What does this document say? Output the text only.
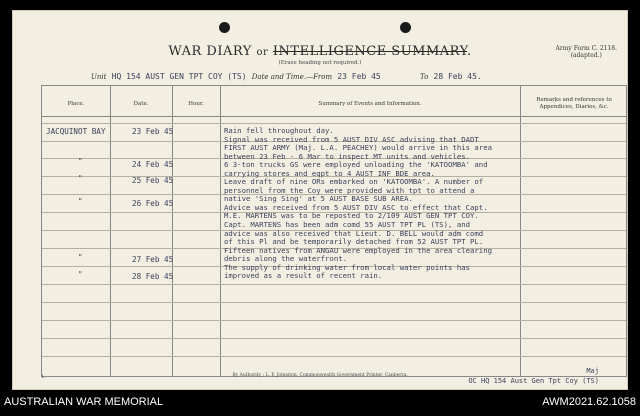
WAR DIARY or INTELLIGENCE SUMMARY.
(Erase heading not required.)
Army Form C. 2118.
(adapted.)
Unit HQ 154 AUST GEN TPT COY (TS) Date and Time.—From 23 Feb 45	To 28 Feb 45.
Place.	Date.	Hour.	Summary of Events and Information.
Remarks and references to
Appendices, Diaries, &c.
JACQUINOT BAY	23 Feb 45
"	24 Feb 45
"	25 Feb 45
"	26 Feb 45
"	27 Feb 45
"	28 Feb 45
Rain fell throughout day.
Signal was received from 5 AUST DIV ASC advising that DADT
FIRST AUST ARMY (Maj. L.A. PEACHEY) would arrive in this area
between 23 Feb - 6 Mar to inspect MT units and vehicles.
6 3-ton trucks GS were employed unloading the 'KATOOMBA' and
carrying stores and eqpt to 4 AUST INF BDE area.
Leave draft of nine ORs embarked on 'KATOOMBA'. A number of
personnel from the Coy were provided with tpt to attend a
native 'Sing Sing' at 5 AUST BASE SUB AREA.
Advice was received from 5 AUST DIV ASC to effect that Capt.
M.E. MARTENS was to be reposted to 2/109 AUST GEN TPT COY.
Capt. MARTENS has been adm comd 55 AUST TPT PL (TS), and
advice was also received that Lieut. D. BELL would adm comd
of this Pl and be temporarily detached from 52 AUST TPT PL.
Fifteen natives from ANGAU were employed in the area clearing
debris along the waterfront.
The supply of drinking water from local water points has
improved as a result of recent rain.
1.	By Authority : L. F. Johnston, Commonwealth Government Printer, Canberra.
Maj
OC HQ 154 Aust Gen Tpt Coy (TS)
AUSTRALIAN WAR MEMORIAL	AWM2021.62.1058
